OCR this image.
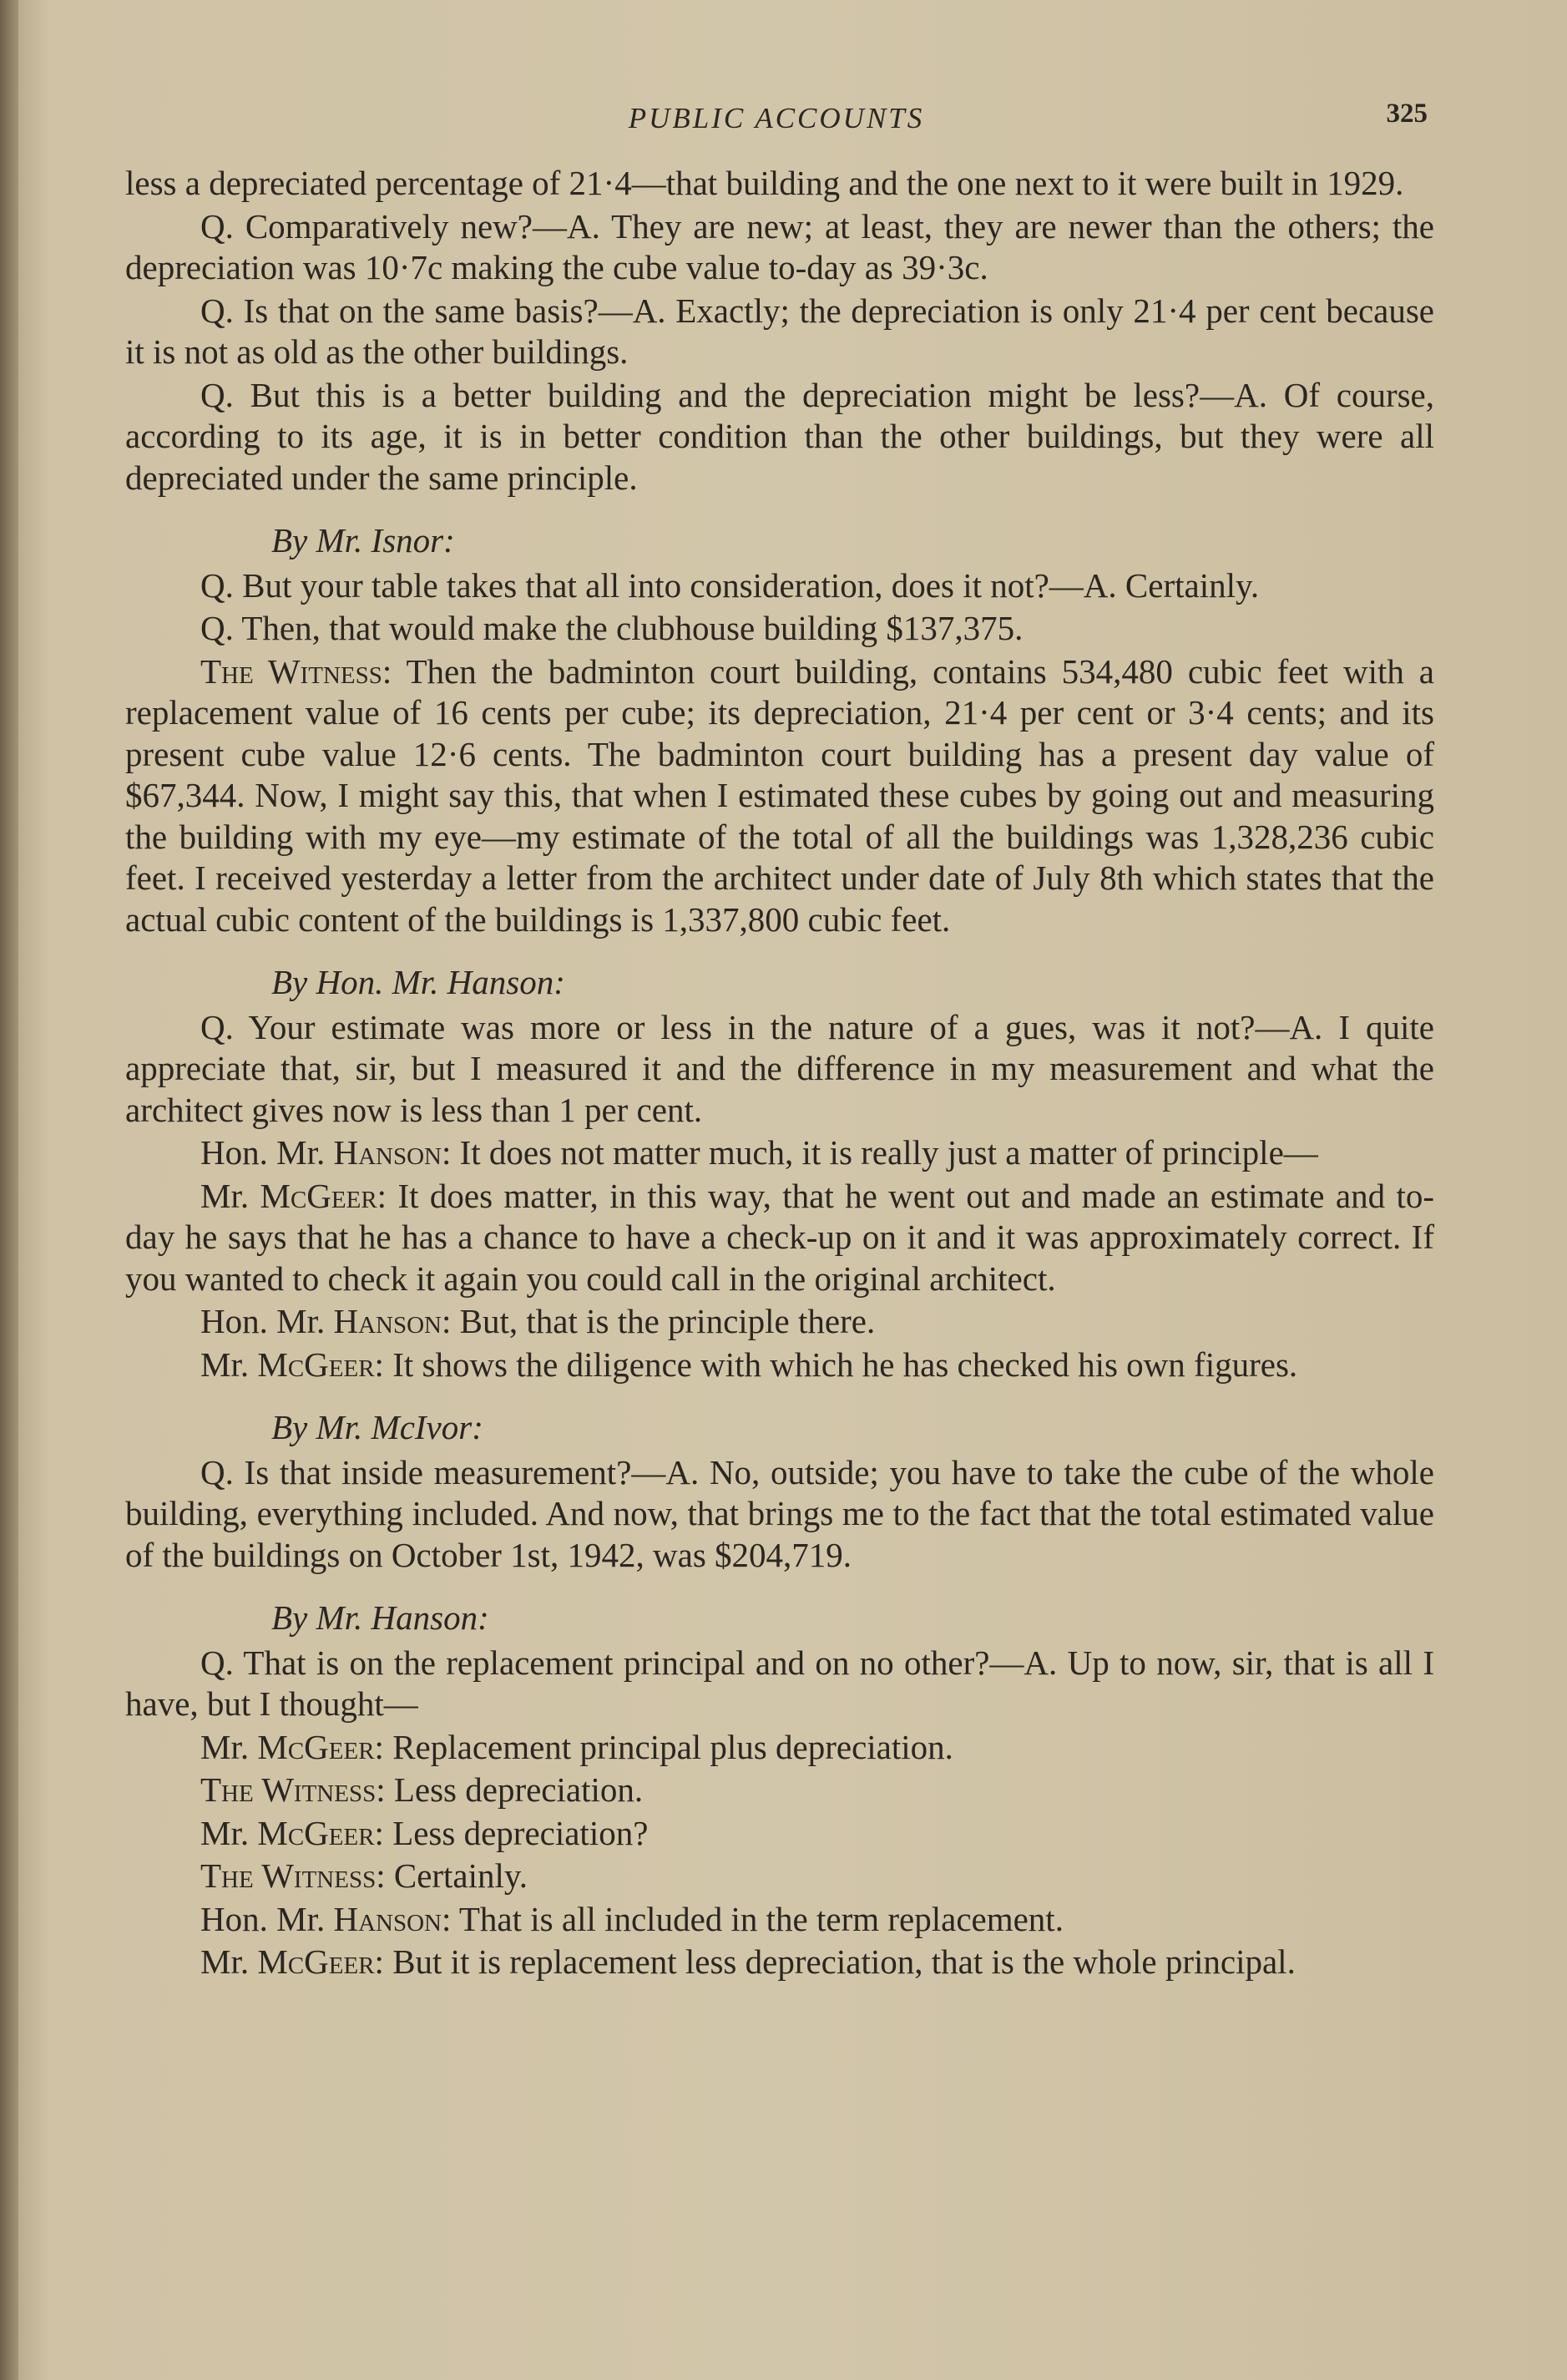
PUBLIC ACCOUNTS	325

less a depreciated percentage of 21·4—that building and the one next to it were built in 1929.

Q. Comparatively new?—A. They are new; at least, they are newer than the others; the depreciation was 10·7c making the cube value to-day as 39·3c.

Q. Is that on the same basis?—A. Exactly; the depreciation is only 21·4 per cent because it is not as old as the other buildings.

Q. But this is a better building and the depreciation might be less?—A. Of course, according to its age, it is in better condition than the other buildings, but they were all depreciated under the same principle.

By Mr. Isnor:

Q. But your table takes that all into consideration, does it not?—A. Certainly.

Q. Then, that would make the clubhouse building $137,375.

The Witness: Then the badminton court building, contains 534,480 cubic feet with a replacement value of 16 cents per cube; its depreciation, 21·4 per cent or 3·4 cents; and its present cube value 12·6 cents. The badminton court building has a present day value of $67,344. Now, I might say this, that when I estimated these cubes by going out and measuring the building with my eye—my estimate of the total of all the buildings was 1,328,236 cubic feet. I received yesterday a letter from the architect under date of July 8th which states that the actual cubic content of the buildings is 1,337,800 cubic feet.

By Hon. Mr. Hanson:

Q. Your estimate was more or less in the nature of a gues, was it not?—A. I quite appreciate that, sir, but I measured it and the difference in my measurement and what the architect gives now is less than 1 per cent.

Hon. Mr. Hanson: It does not matter much, it is really just a matter of principle—

Mr. McGeer: It does matter, in this way, that he went out and made an estimate and to-day he says that he has a chance to have a check-up on it and it was approximately correct. If you wanted to check it again you could call in the original architect.

Hon. Mr. Hanson: But, that is the principle there.

Mr. McGeer: It shows the diligence with which he has checked his own figures.

By Mr. McIvor:

Q. Is that inside measurement?—A. No, outside; you have to take the cube of the whole building, everything included. And now, that brings me to the fact that the total estimated value of the buildings on October 1st, 1942, was $204,719.

By Mr. Hanson:

Q. That is on the replacement principal and on no other?—A. Up to now, sir, that is all I have, but I thought—

Mr. McGeer: Replacement principal plus depreciation.

The Witness: Less depreciation.

Mr. McGeer: Less depreciation?

The Witness: Certainly.

Hon. Mr. Hanson: That is all included in the term replacement.

Mr. McGeer: But it is replacement less depreciation, that is the whole principal.
